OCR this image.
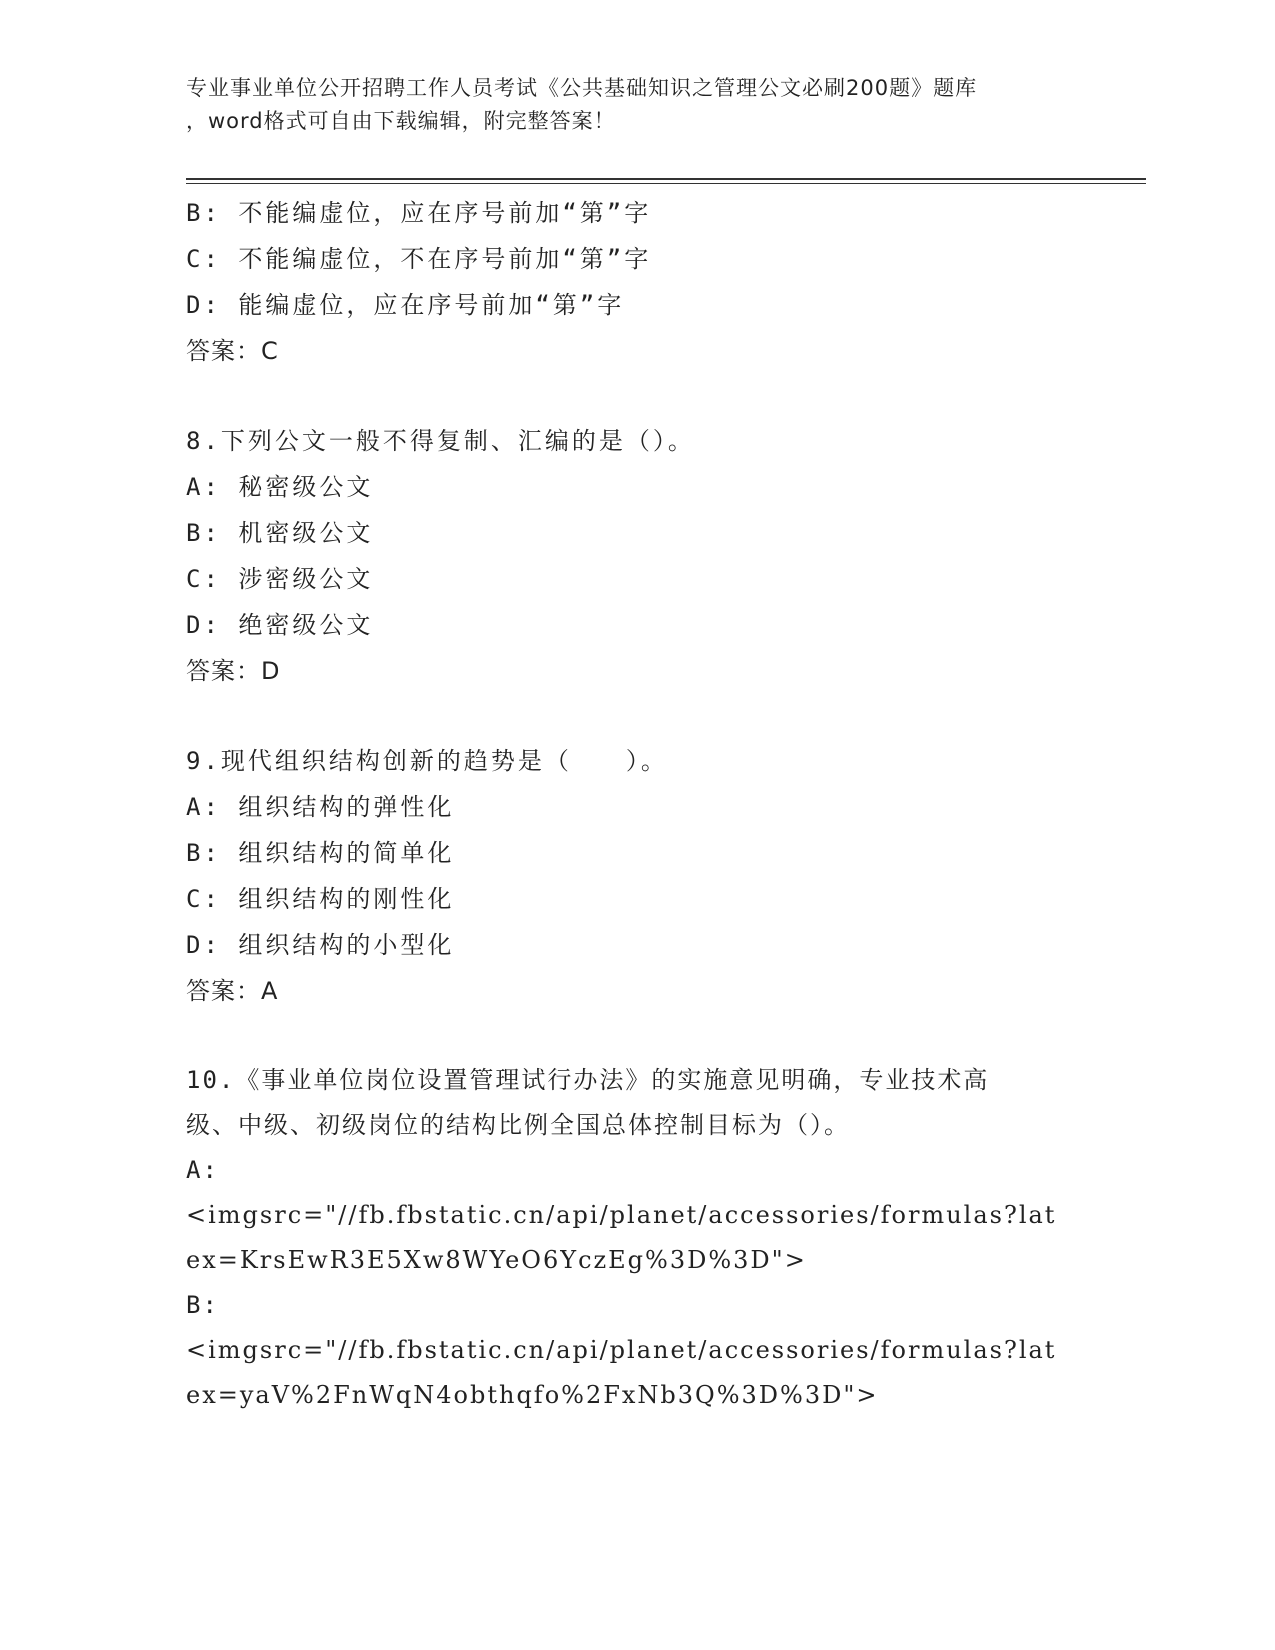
专业事业单位公开招聘工作人员考试《公共基础知识之管理公文必刷200题》题库
，word格式可自由下载编辑，附完整答案！
B: 不能编虚位，应在序号前加“第”字
C: 不能编虚位，不在序号前加“第”字
D: 能编虚位，应在序号前加“第”字
答案：C
8.下列公文一般不得复制、汇编的是（）。
A: 秘密级公文
B: 机密级公文
C: 涉密级公文
D: 绝密级公文
答案：D
9.现代组织结构创新的趋势是（　　）。
A: 组织结构的弹性化
B: 组织结构的简单化
C: 组织结构的刚性化
D: 组织结构的小型化
答案：A
10.《事业单位岗位设置管理试行办法》的实施意见明确，专业技术高
级、中级、初级岗位的结构比例全国总体控制目标为（）。
A:
<imgsrc="//fb.fbstatic.cn/api/planet/accessories/formulas?lat
ex=KrsEwR3E5Xw8WYeO6YczEg%3D%3D">
B:
<imgsrc="//fb.fbstatic.cn/api/planet/accessories/formulas?lat
ex=yaV%2FnWqN4obthqfo%2FxNb3Q%3D%3D">
